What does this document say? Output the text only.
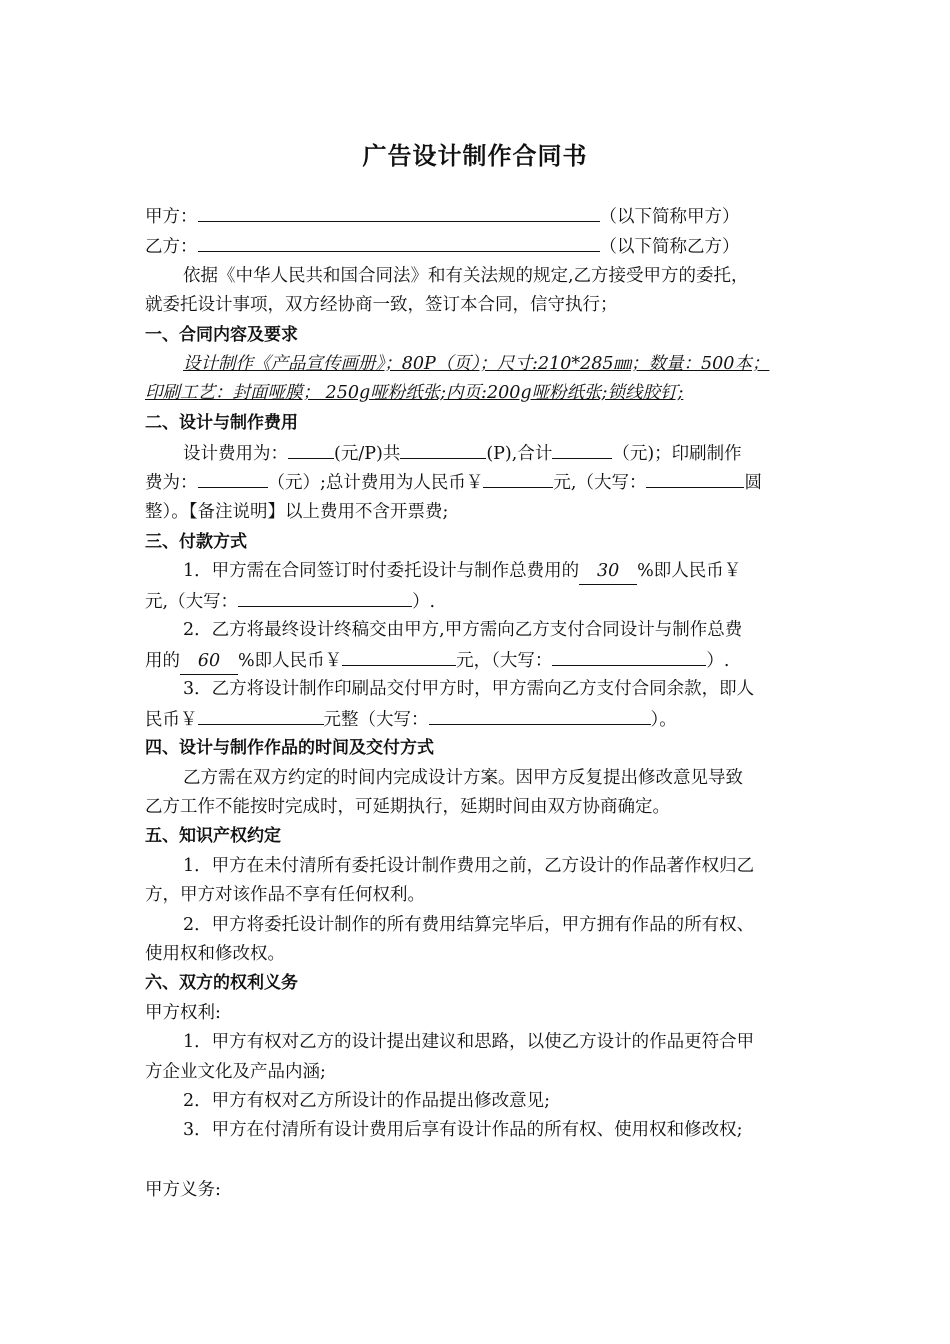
广告设计制作合同书
甲方：	（以下简称甲方）
乙方：	（以下简称乙方）
依据《中华人民共和国合同法》和有关法规的规定,乙方接受甲方的委托，
就委托设计事项，双方经协商一致，签订本合同，信守执行；
一、合同内容及要求
设计制作《产品宣传画册》；80P（页）；尺寸:210*285㎜；数量：500本；
印刷工艺：封面哑膜； 250g哑粉纸张;内页:200g哑粉纸张;锁线胶钉;
二、设计与制作费用
设计费用为：	(元/P)共	(P),合计	（元)；印刷制作
费为：	（元）;总计费用为人民币￥	元,（大写：	圆
整）。【备注说明】以上费用不含开票费;
三、付款方式
1．甲方需在合同签订时付委托设计与制作总费用的 30 %即人民币￥
元,（大写：	）.
2．乙方将最终设计终稿交由甲方,甲方需向乙方支付合同设计与制作总费
用的 60 %即人民币￥	元，（大写：	）.
3．乙方将设计制作印刷品交付甲方时，甲方需向乙方支付合同余款，即人
民币￥	元整（大写：	）。
四、设计与制作作品的时间及交付方式
乙方需在双方约定的时间内完成设计方案。因甲方反复提出修改意见导致
乙方工作不能按时完成时，可延期执行，延期时间由双方协商确定。
五、知识产权约定
1．甲方在未付清所有委托设计制作费用之前，乙方设计的作品著作权归乙
方，甲方对该作品不享有任何权利。
2．甲方将委托设计制作的所有费用结算完毕后，甲方拥有作品的所有权、
使用权和修改权。
六、双方的权利义务
甲方权利:
1．甲方有权对乙方的设计提出建议和思路，以使乙方设计的作品更符合甲
方企业文化及产品内涵;
2．甲方有权对乙方所设计的作品提出修改意见;
3．甲方在付清所有设计费用后享有设计作品的所有权、使用权和修改权;
甲方义务:
